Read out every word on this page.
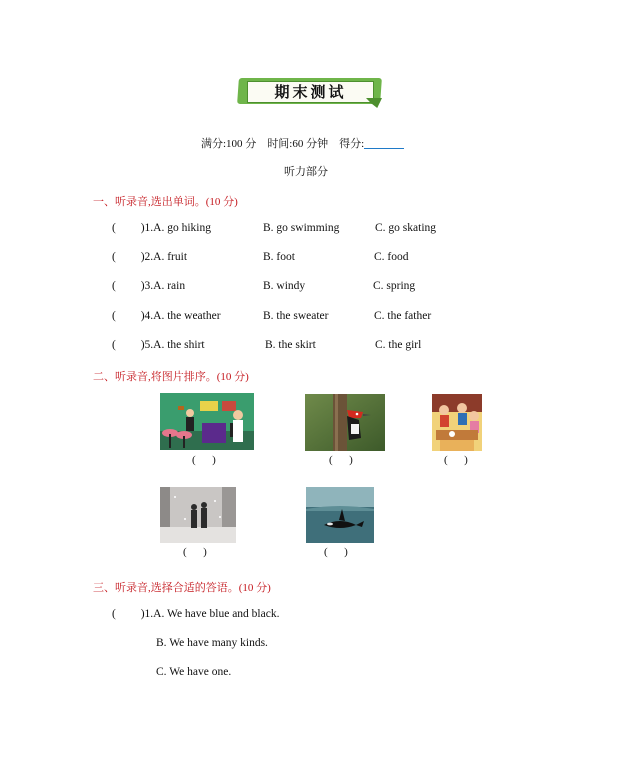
期末测试
满分:100 分 时间:60 分钟 得分:
听力部分
一、听录音,选出单词。(10 分)
( )1.A. go hiking	B. go swimming	C. go skating
( )2.A. fruit	B. foot	C. food
( )3.A. rain	B. windy	C. spring
( )4.A. the weather	B. the sweater	C. the father
( )5.A. the shirt	B. the skirt	C. the girl
二、听录音,将图片排序。(10 分)
(      )	(      )	(      )
(      )	(      )
三、听录音,选择合适的答语。(10 分)
( )1.A. We have blue and black.
B. We have many kinds.
C. We have one.
